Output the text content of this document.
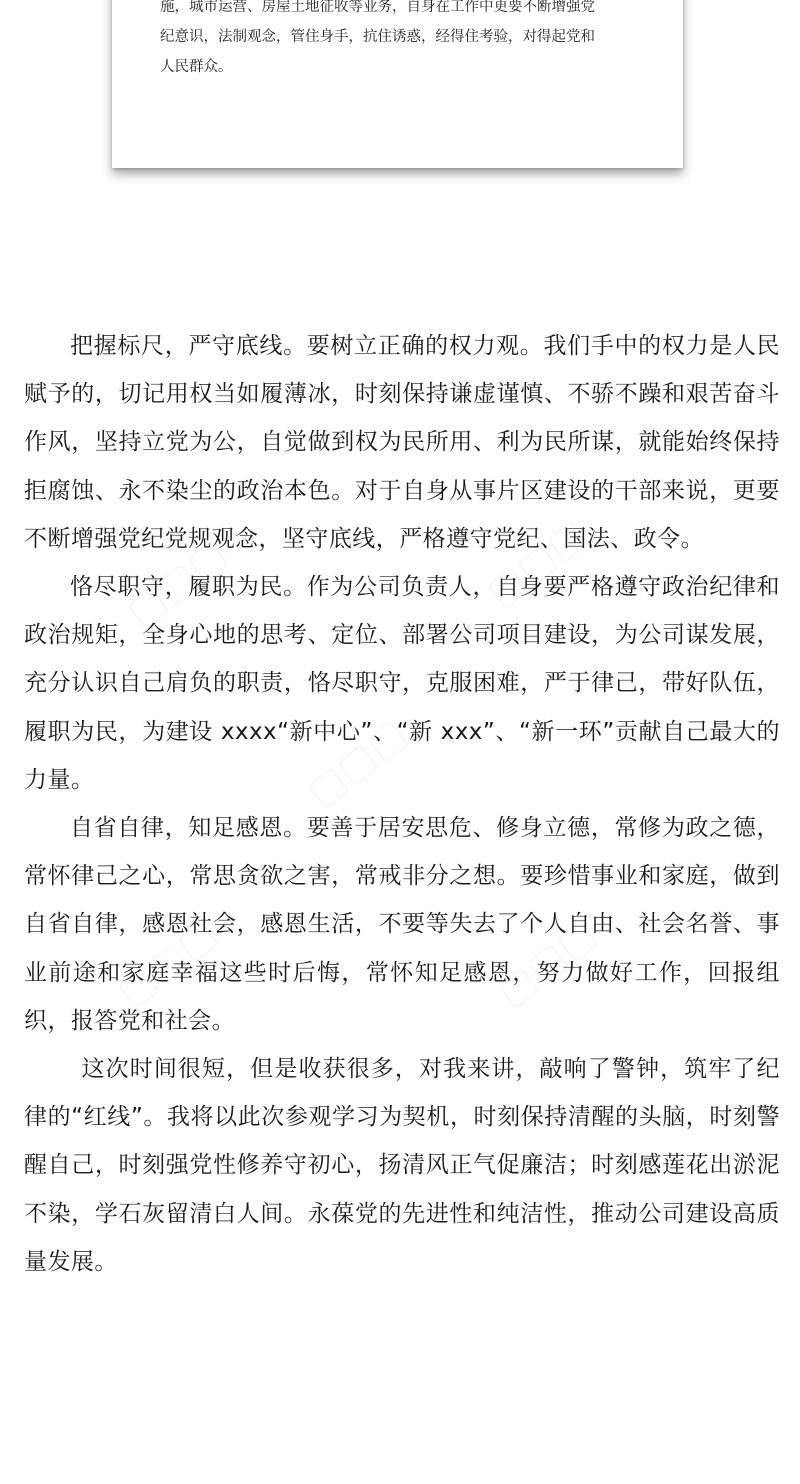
施，城市运营、房屋土地征收等业务，自身在工作中更要不断增强党
纪意识，法制观念，管住身手，抗住诱惑，经得住考验，对得起党和
人民群众。

把握标尺，严守底线。要树立正确的权力观。我们手中的权力是人民赋予的，切记用权当如履薄冰，时刻保持谦虚谨慎、不骄不躁和艰苦奋斗作风，坚持立党为公，自觉做到权为民所用、利为民所谋，就能始终保持拒腐蚀、永不染尘的政治本色。对于自身从事片区建设的干部来说，更要不断增强党纪党规观念，坚守底线，严格遵守党纪、国法、政令。

恪尽职守，履职为民。作为公司负责人，自身要严格遵守政治纪律和政治规矩，全身心地的思考、定位、部署公司项目建设，为公司谋发展，充分认识自己肩负的职责，恪尽职守，克服困难，严于律己，带好队伍，履职为民，为建设 xxxx“新中心”、“新 xxx”、“新一环”贡献自己最大的力量。

自省自律，知足感恩。要善于居安思危、修身立德，常修为政之德，常怀律己之心，常思贪欲之害，常戒非分之想。要珍惜事业和家庭，做到自省自律，感恩社会，感恩生活，不要等失去了个人自由、社会名誉、事业前途和家庭幸福这些时后悔，常怀知足感恩，努力做好工作，回报组织，报答党和社会。

这次时间很短，但是收获很多，对我来讲，敲响了警钟，筑牢了纪律的“红线”。我将以此次参观学习为契机，时刻保持清醒的头脑，时刻警醒自己，时刻强党性修养守初心，扬清风正气促廉洁；时刻感莲花出淤泥不染，学石灰留清白人间。永葆党的先进性和纯洁性，推动公司建设高质量发展。

▢▢▢	▢▢▢
▢▢▢
▢▢▢	▢▢▢
